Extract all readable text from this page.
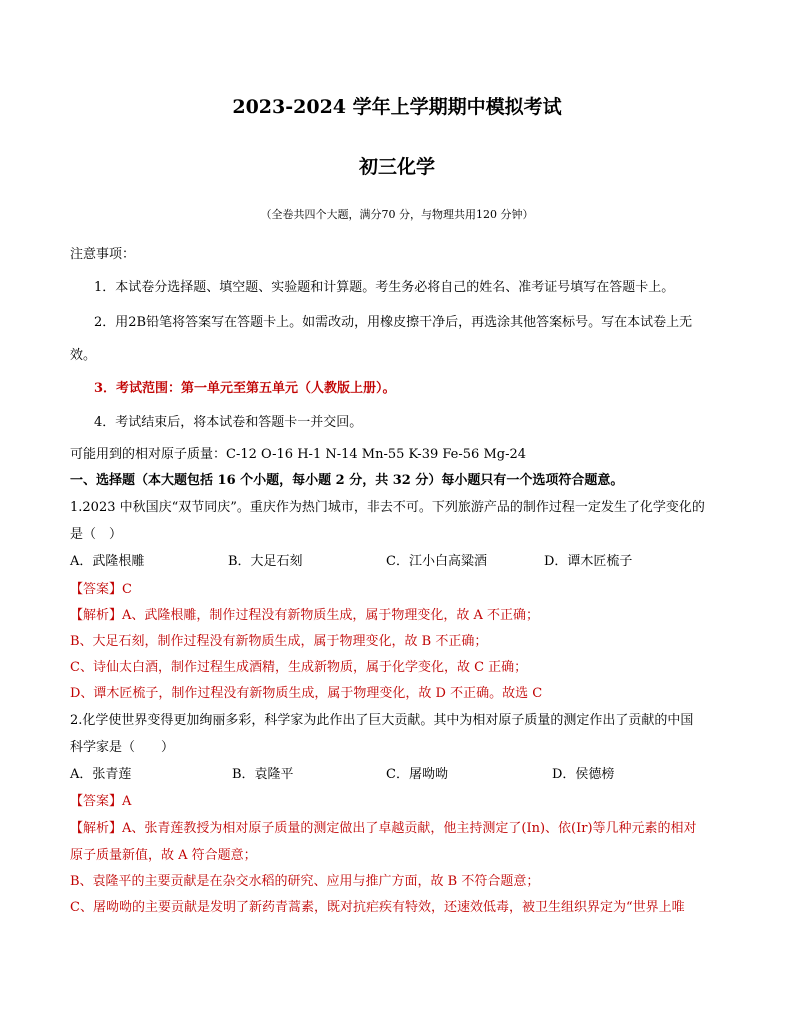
2023-2024 学年上学期期中模拟考试
初三化学
（全卷共四个大题，满分70 分，与物理共用120 分钟）
注意事项：
1．本试卷分选择题、填空题、实验题和计算题。考生务必将自己的姓名、准考证号填写在答题卡上。
2．用2B铅笔将答案写在答题卡上。如需改动，用橡皮擦干净后，再选涂其他答案标号。写在本试卷上无
效。
3．考试范围：第一单元至第五单元（人教版上册）。
4．考试结束后，将本试卷和答题卡一并交回。
可能用到的相对原子质量：C-12 O-16 H-1 N-14 Mn-55 K-39 Fe-56 Mg-24
一、选择题（本大题包括 16 个小题，每小题 2 分，共 32 分）每小题只有一个选项符合题意。
1.2023 中秋国庆“双节同庆”。重庆作为热门城市，非去不可。下列旅游产品的制作过程一定发生了化学变化的
是（　）
A．武隆根雕	B．大足石刻	C．江小白高粱酒	D．谭木匠梳子
【答案】C
【解析】A、武隆根雕，制作过程没有新物质生成，属于物理变化，故 A 不正确；
B、大足石刻，制作过程没有新物质生成，属于物理变化，故 B 不正确；
C、诗仙太白酒，制作过程生成酒精，生成新物质，属于化学变化，故 C 正确；
D、谭木匠梳子，制作过程没有新物质生成，属于物理变化，故 D 不正确。故选 C
2.化学使世界变得更加绚丽多彩，科学家为此作出了巨大贡献。其中为相对原子质量的测定作出了贡献的中国
科学家是（　　）
A．张青莲	B．袁隆平	C．屠呦呦	D．侯德榜
【答案】A
【解析】A、张青莲教授为相对原子质量的测定做出了卓越贡献，他主持测定了(In)、依(Ir)等几种元素的相对
原子质量新值，故 A 符合题意；
B、袁隆平的主要贡献是在杂交水稻的研究、应用与推广方面，故 B 不符合题意；
C、屠呦呦的主要贡献是发明了新药青蒿素，既对抗疟疾有特效，还速效低毒，被卫生组织界定为“世界上唯
